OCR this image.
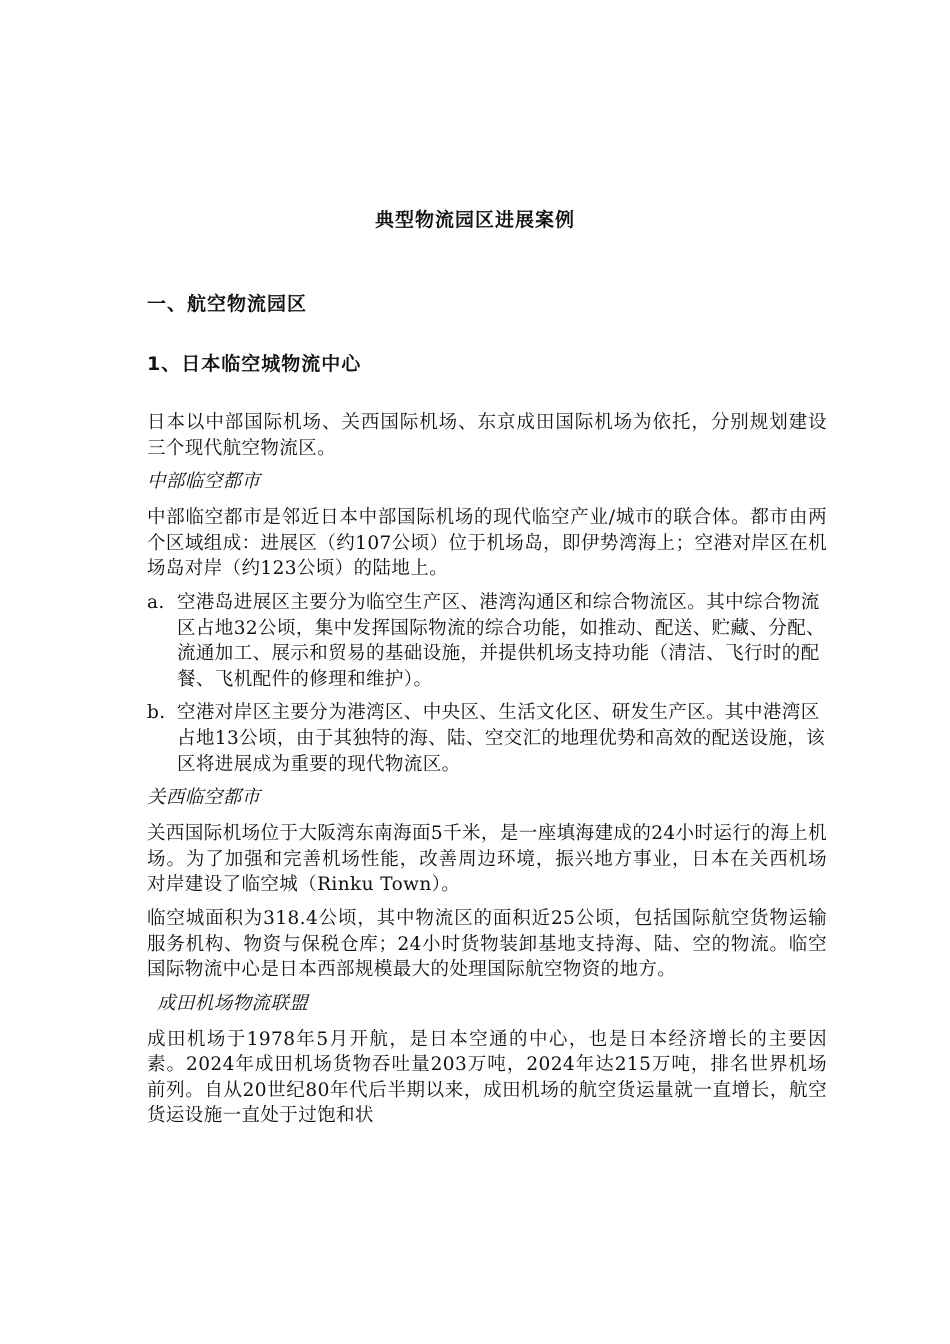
典型物流园区进展案例
一、航空物流园区
1、日本临空城物流中心

日本以中部国际机场、关西国际机场、东京成田国际机场为依托，分别规划建设三个现代航空物流区。

中部临空都市

中部临空都市是邻近日本中部国际机场的现代临空产业/城市的联合体。都市由两个区域组成：进展区（约107公顷）位于机场岛，即伊势湾海上；空港对岸区在机场岛对岸（约123公顷）的陆地上。

a. 空港岛进展区主要分为临空生产区、港湾沟通区和综合物流区。其中综合物流区占地32公顷，集中发挥国际物流的综合功能，如推动、配送、贮藏、分配、流通加工、展示和贸易的基础设施，并提供机场支持功能（清洁、飞行时的配餐、飞机配件的修理和维护）。
b. 空港对岸区主要分为港湾区、中央区、生活文化区、研发生产区。其中港湾区占地13公顷，由于其独特的海、陆、空交汇的地理优势和高效的配送设施，该区将进展成为重要的现代物流区。
关西临空都市

关西国际机场位于大阪湾东南海面5千米，是一座填海建成的24小时运行的海上机场。为了加强和完善机场性能，改善周边环境，振兴地方事业，日本在关西机场对岸建设了临空城（Rinku Town）。

临空城面积为318.4公顷，其中物流区的面积近25公顷，包括国际航空货物运输服务机构、物资与保税仓库；24小时货物装卸基地支持海、陆、空的物流。临空国际物流中心是日本西部规模最大的处理国际航空物资的地方。

成田机场物流联盟

成田机场于1978年5月开航，是日本空通的中心，也是日本经济增长的主要因素。2024年成田机场货物吞吐量203万吨，2024年达215万吨，排名世界机场前列。自从20世纪80年代后半期以来，成田机场的航空货运量就一直增长，航空货运设施一直处于过饱和状
